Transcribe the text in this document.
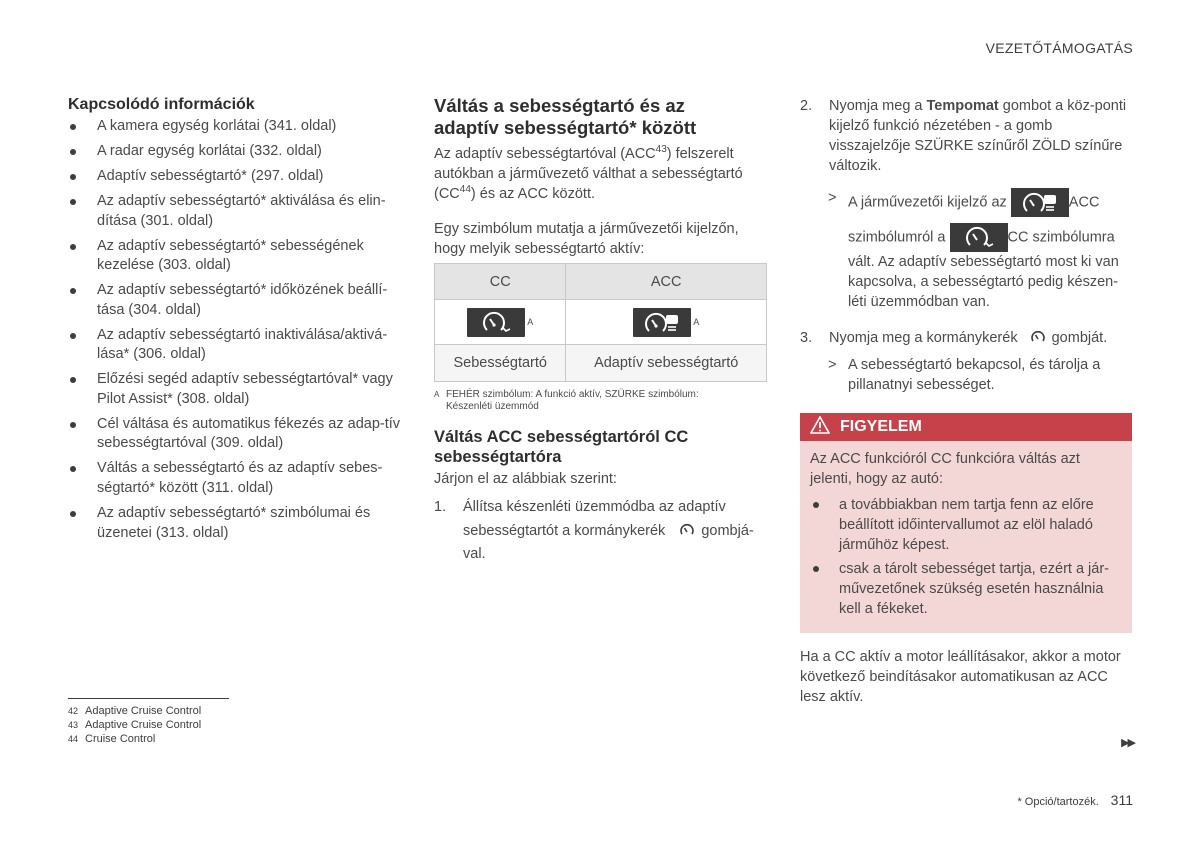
VEZETŐTÁMOGATÁS
Kapcsolódó információk
A kamera egység korlátai (341. oldal)
A radar egység korlátai (332. oldal)
Adaptív sebességtartó* (297. oldal)
Az adaptív sebességtartó* aktiválása és elin-dítása (301. oldal)
Az adaptív sebességtartó* sebességének kezelése (303. oldal)
Az adaptív sebességtartó* időközének beállí-tása (304. oldal)
Az adaptív sebességtartó inaktiválása/aktivá-lása* (306. oldal)
Előzési segéd adaptív sebességtartóval* vagy Pilot Assist* (308. oldal)
Cél váltása és automatikus fékezés az adap-tív sebességtartóval (309. oldal)
Váltás a sebességtartó és az adaptív sebes-ségtartó* között (311. oldal)
Az adaptív sebességtartó* szimbólumai és üzenetei (313. oldal)
Váltás a sebességtartó és az adaptív sebességtartó* között

Az adaptív sebességtartóval (ACC$^{43}$) felszerelt autókban a járművezető válthat a sebességtartó (CC$^{44}$) és az ACC között.

Egy szimbólum mutatja a járművezetői kijelzőn, hogy melyik sebességtartó aktív:

CC	ACC

A	A
Sebességtartó	Adaptív sebességtartó
A FEHÉR szimbólum: A funkció aktív, SZÜRKE szimbólum: Készenléti üzemmód
Váltás ACC sebességtartóról CC sebességtartóra

Járjon el az alábbiak szerint:

1. Állítsa készenléti üzemmódba az adaptív
sebességtartót a kormánykerék gombjá-
val.
2. Nyomja meg a Tempomat gombot a köz-ponti kijelző funkció nézetében - a gomb visszajelzője SZÜRKE színűről ZÖLD színűre változik.
> A járművezetői kijelző az	ACC
szimbólumról a	CC szimbólumra
vált. Az adaptív sebességtartó most ki van kapcsolva, a sebességtartó pedig készen-léti üzemmódban van.
3. Nyomja meg a kormánykerék gombját.
> A sebességtartó bekapcsol, és tárolja a pillanatnyi sebességet.
FIGYELEM

Az ACC funkcióról CC funkcióra váltás azt jelenti, hogy az autó:

a továbbiakban nem tartja fenn az előre beállított időintervallumot az elöl haladó járműhöz képest.
csak a tárolt sebességet tartja, ezért a jár-művezetőnek szükség esetén használnia kell a fékeket.

Ha a CC aktív a motor leállításakor, akkor a motor következő beindításakor automatikusan az ACC lesz aktív.

42 Adaptive Cruise Control
43 Adaptive Cruise Control
44 Cruise Control	▶▶
* Opció/tartozék. 311
